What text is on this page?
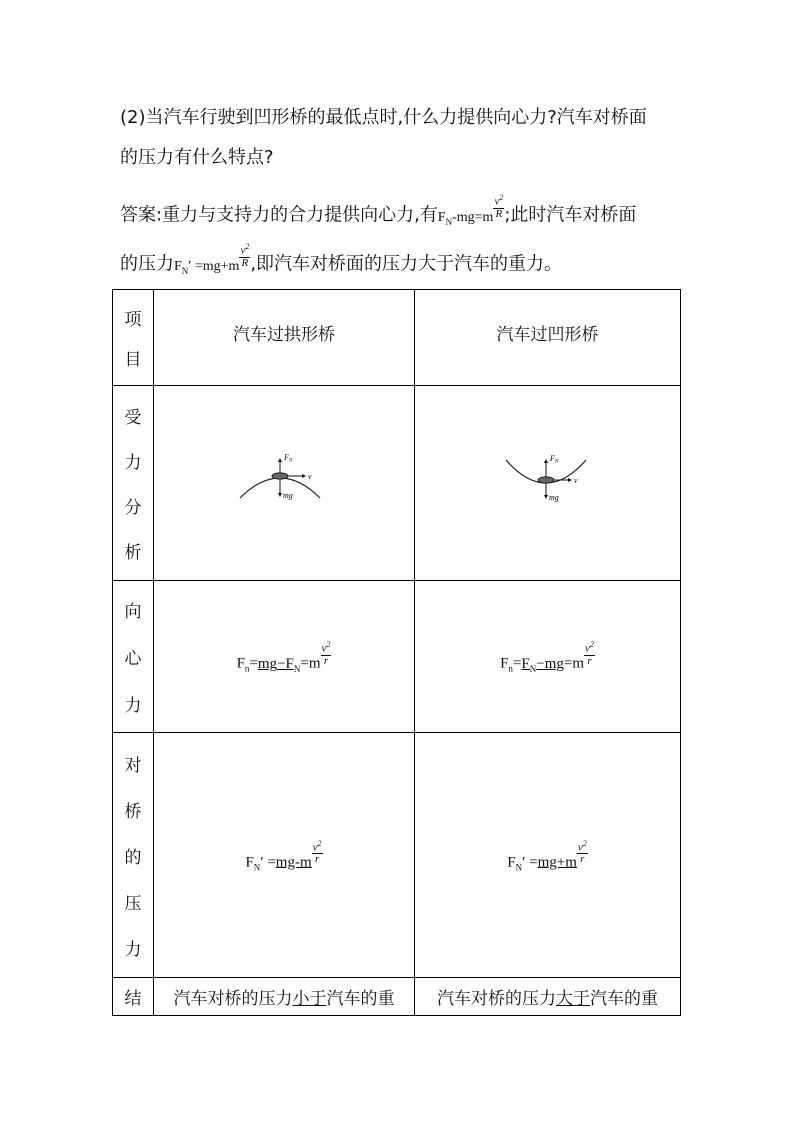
(2)当汽车行驶到凹形桥的最低点时,什么力提供向心力?汽车对桥面
的压力有什么特点?
答案:重力与支持力的合力提供向心力,有$F_N-mg=m \frac{v^2}{R}$ ;此时汽车对桥面
的压力$F_N' =mg+m \frac{v^2}{R}$ ,即汽车对桥面的压力大于汽车的重力。
项
目	汽车过拱形桥	汽车过凹形桥

受
力
分
析	FN
v
mg	FN
v
mg

向
心
力	$F_n=mg-F_N=m \frac{v^2}{r}$	$F_n=F_N-mg=m \frac{v^2}{r}$

对
桥
的
压
力	$F_N' =mg-m \frac{v^2}{r}$	$F_N' =mg+m \frac{v^2}{r}$

结	汽车对桥的压力小于汽车的重	汽车对桥的压力大于汽车的重
